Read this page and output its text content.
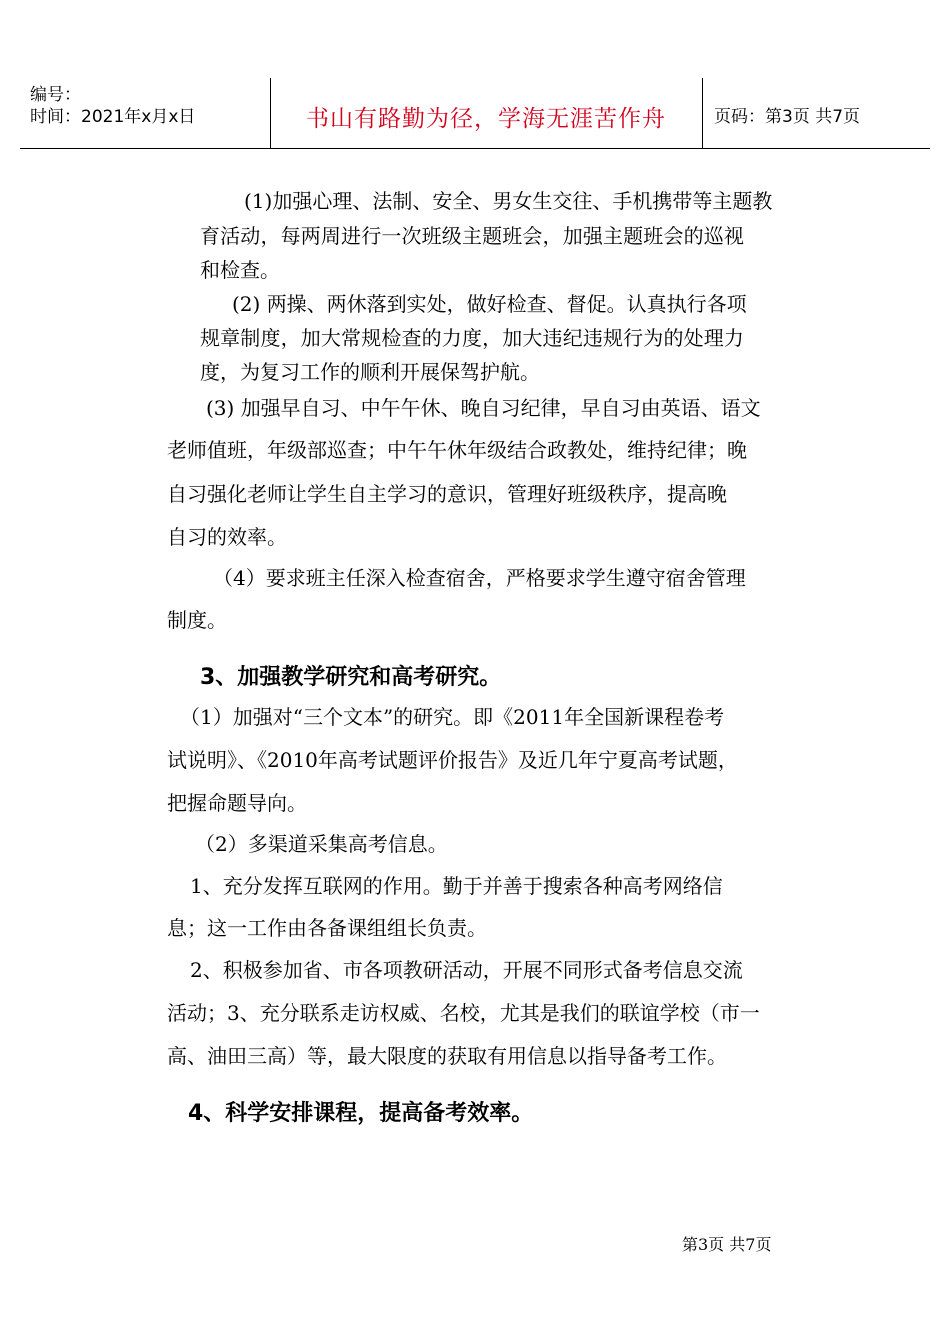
编号：
时间：2021年x月x日	书山有路勤为径，学海无涯苦作舟	页码：第3页 共7页
(1)加强心理、法制、安全、男女生交往、手机携带等主题教
育活动，每两周进行一次班级主题班会，加强主题班会的巡视
和检查。
(2) 两操、两休落到实处，做好检查、督促。认真执行各项
规章制度，加大常规检查的力度，加大违纪违规行为的处理力
度，为复习工作的顺利开展保驾护航。
(3) 加强早自习、中午午休、晚自习纪律，早自习由英语、语文
老师值班，年级部巡查；中午午休年级结合政教处，维持纪律；晚
自习强化老师让学生自主学习的意识，管理好班级秩序，提高晚
自习的效率。
（4）要求班主任深入检查宿舍，严格要求学生遵守宿舍管理
制度。
3、加强教学研究和高考研究。
（1）加强对“三个文本”的研究。即《2011年全国新课程卷考
试说明》、《2010年高考试题评价报告》及近几年宁夏高考试题，
把握命题导向。
（2）多渠道采集高考信息。
1、充分发挥互联网的作用。勤于并善于搜索各种高考网络信
息；这一工作由各备课组组长负责。
2、积极参加省、市各项教研活动，开展不同形式备考信息交流
活动；3、充分联系走访权威、名校，尤其是我们的联谊学校（市一
高、油田三高）等，最大限度的获取有用信息以指导备考工作。
4、科学安排课程，提高备考效率。
第3页 共7页
